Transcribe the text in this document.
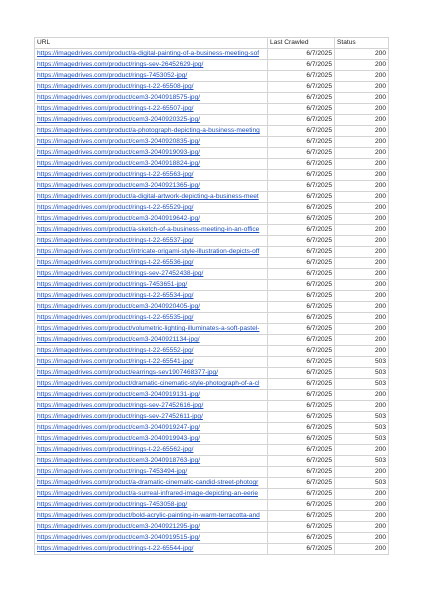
URL	Last Crawled	Status
https://imagedrives.com/product/a-digital-painting-of-a-business-meeting-sof	6/7/2025	200
https://imagedrives.com/product/rings-sev-26452629-jpg/	6/7/2025	200
https://imagedrives.com/product/rings-7453052-jpg/	6/7/2025	200
https://imagedrives.com/product/rings-t-22-65508-jpg/	6/7/2025	200
https://imagedrives.com/product/cem3-2040918575-jpg/	6/7/2025	200
https://imagedrives.com/product/rings-t-22-65507-jpg/	6/7/2025	200
https://imagedrives.com/product/cem3-2040920325-jpg/	6/7/2025	200
https://imagedrives.com/product/a-photograph-depicting-a-business-meeting	6/7/2025	200
https://imagedrives.com/product/cem3-2040920835-jpg/	6/7/2025	200
https://imagedrives.com/product/cem3-2040919093-jpg/	6/7/2025	200
https://imagedrives.com/product/cem3-2040918824-jpg/	6/7/2025	200
https://imagedrives.com/product/rings-t-22-65563-jpg/	6/7/2025	200
https://imagedrives.com/product/cem3-2040921365-jpg/	6/7/2025	200
https://imagedrives.com/product/a-digital-artwork-depicting-a-business-meet	6/7/2025	200
https://imagedrives.com/product/rings-t-22-65529-jpg/	6/7/2025	200
https://imagedrives.com/product/cem3-2040919642-jpg/	6/7/2025	200
https://imagedrives.com/product/a-sketch-of-a-business-meeting-in-an-office	6/7/2025	200
https://imagedrives.com/product/rings-t-22-65537-jpg/	6/7/2025	200
https://imagedrives.com/product/intricate-origami-style-illustration-depicts-off	6/7/2025	200
https://imagedrives.com/product/rings-t-22-65536-jpg/	6/7/2025	200
https://imagedrives.com/product/rings-sev-27452438-jpg/	6/7/2025	200
https://imagedrives.com/product/rings-7453651-jpg/	6/7/2025	200
https://imagedrives.com/product/rings-t-22-65534-jpg/	6/7/2025	200
https://imagedrives.com/product/cem3-2040920405-jpg/	6/7/2025	200
https://imagedrives.com/product/rings-t-22-65535-jpg/	6/7/2025	200
https://imagedrives.com/product/volumetric-lighting-illuminates-a-soft-pastel-	6/7/2025	200
https://imagedrives.com/product/cem3-2040921134-jpg/	6/7/2025	200
https://imagedrives.com/product/rings-t-22-65552-jpg/	6/7/2025	200
https://imagedrives.com/product/rings-t-22-65541-jpg/	6/7/2025	503
https://imagedrives.com/product/earrings-sev1907468377-jpg/	6/7/2025	503
https://imagedrives.com/product/dramatic-cinematic-style-photograph-of-a-cl	6/7/2025	503
https://imagedrives.com/product/cem3-2040919131-jpg/	6/7/2025	200
https://imagedrives.com/product/rings-sev-27452616-jpg/	6/7/2025	200
https://imagedrives.com/product/rings-sev-27452611-jpg/	6/7/2025	503
https://imagedrives.com/product/cem3-2040919247-jpg/	6/7/2025	503
https://imagedrives.com/product/cem3-2040919943-jpg/	6/7/2025	503
https://imagedrives.com/product/rings-t-22-65562-jpg/	6/7/2025	200
https://imagedrives.com/product/cem3-2040918763-jpg/	6/7/2025	503
https://imagedrives.com/product/rings-7453494-jpg/	6/7/2025	200
https://imagedrives.com/product/a-dramatic-cinematic-candid-street-photogr	6/7/2025	503
https://imagedrives.com/product/a-surreal-infrared-image-depicting-an-eerie	6/7/2025	200
https://imagedrives.com/product/rings-7453058-jpg/	6/7/2025	200
https://imagedrives.com/product/bold-acrylic-painting-in-warm-terracotta-and	6/7/2025	200
https://imagedrives.com/product/cem3-2040921295-jpg/	6/7/2025	200
https://imagedrives.com/product/cem3-2040919515-jpg/	6/7/2025	200
https://imagedrives.com/product/rings-t-22-65544-jpg/	6/7/2025	200
